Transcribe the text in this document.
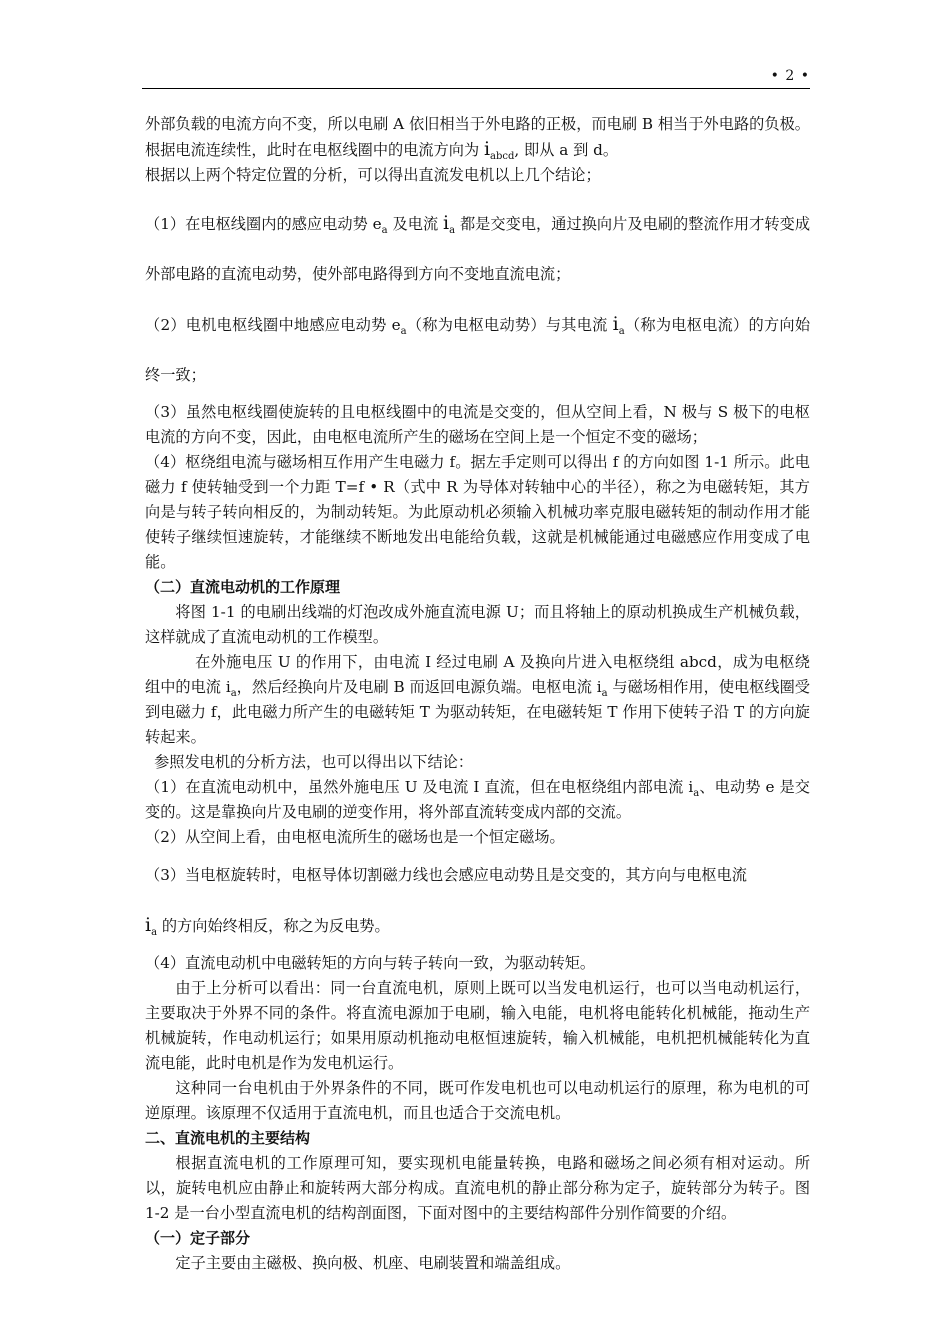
• 2 •

外部负载的电流方向不变，所以电刷 A 依旧相当于外电路的正极，而电刷 B 相当于外电路的负极。根据电流连续性，此时在电枢线圈中的电流方向为 $i_{abcd}$, 即从 a 到 d。

根据以上两个特定位置的分析，可以得出直流发电机以上几个结论；

（1）在电枢线圈内的感应电动势 $e_a$ 及电流 $i_a$ 都是交变电，通过换向片及电刷的整流作用才转变成外部电路的直流电动势，使外部电路得到方向不变地直流电流；

（2）电机电枢线圈中地感应电动势 $e_a$（称为电枢电动势）与其电流 $i_a$（称为电枢电流）的方向始终一致；

（3）虽然电枢线圈使旋转的且电枢线圈中的电流是交变的，但从空间上看，N 极与 S 极下的电枢电流的方向不变，因此，由电枢电流所产生的磁场在空间上是一个恒定不变的磁场；

（4）枢绕组电流与磁场相互作用产生电磁力 f。据左手定则可以得出 f 的方向如图 1-1 所示。此电磁力 f 使转轴受到一个力距 T=f • R（式中 R 为导体对转轴中心的半径），称之为电磁转矩，其方向是与转子转向相反的，为制动转矩。为此原动机必须输入机械功率克服电磁转矩的制动作用才能使转子继续恒速旋转，才能继续不断地发出电能给负载，这就是机械能通过电磁感应作用变成了电能。

（二）直流电动机的工作原理

将图 1-1 的电刷出线端的灯泡改成外施直流电源 U；而且将轴上的原动机换成生产机械负载，这样就成了直流电动机的工作模型。

在外施电压 U 的作用下，由电流 I 经过电刷 A 及换向片进入电枢绕组 abcd，成为电枢绕组中的电流 $i_a$，然后经换向片及电刷 B 而返回电源负端。电枢电流 $i_a$ 与磁场相作用，使电枢线圈受到电磁力 f，此电磁力所产生的电磁转矩 T 为驱动转矩，在电磁转矩 T 作用下使转子沿 T 的方向旋转起来。

参照发电机的分析方法，也可以得出以下结论：

（1）在直流电动机中，虽然外施电压 U 及电流 I 直流，但在电枢绕组内部电流 $i_a$、电动势 e 是交变的。这是靠换向片及电刷的逆变作用，将外部直流转变成内部的交流。

（2）从空间上看，由电枢电流所生的磁场也是一个恒定磁场。

（3）当电枢旋转时，电枢导体切割磁力线也会感应电动势且是交变的，其方向与电枢电流
$i_a$ 的方向始终相反，称之为反电势。

（4）直流电动机中电磁转矩的方向与转子转向一致，为驱动转矩。

由于上分析可以看出：同一台直流电机，原则上既可以当发电机运行，也可以当电动机运行，主要取决于外界不同的条件。将直流电源加于电刷，输入电能，电机将电能转化机械能，拖动生产机械旋转，作电动机运行；如果用原动机拖动电枢恒速旋转，输入机械能，电机把机械能转化为直流电能，此时电机是作为发电机运行。

这种同一台电机由于外界条件的不同，既可作发电机也可以电动机运行的原理，称为电机的可逆原理。该原理不仅适用于直流电机，而且也适合于交流电机。

二、直流电机的主要结构

根据直流电机的工作原理可知，要实现机电能量转换，电路和磁场之间必须有相对运动。所以，旋转电机应由静止和旋转两大部分构成。直流电机的静止部分称为定子，旋转部分为转子。图 1-2 是一台小型直流电机的结构剖面图，下面对图中的主要结构部件分别作简要的介绍。

（一）定子部分

定子主要由主磁极、换向极、机座、电刷装置和端盖组成。
